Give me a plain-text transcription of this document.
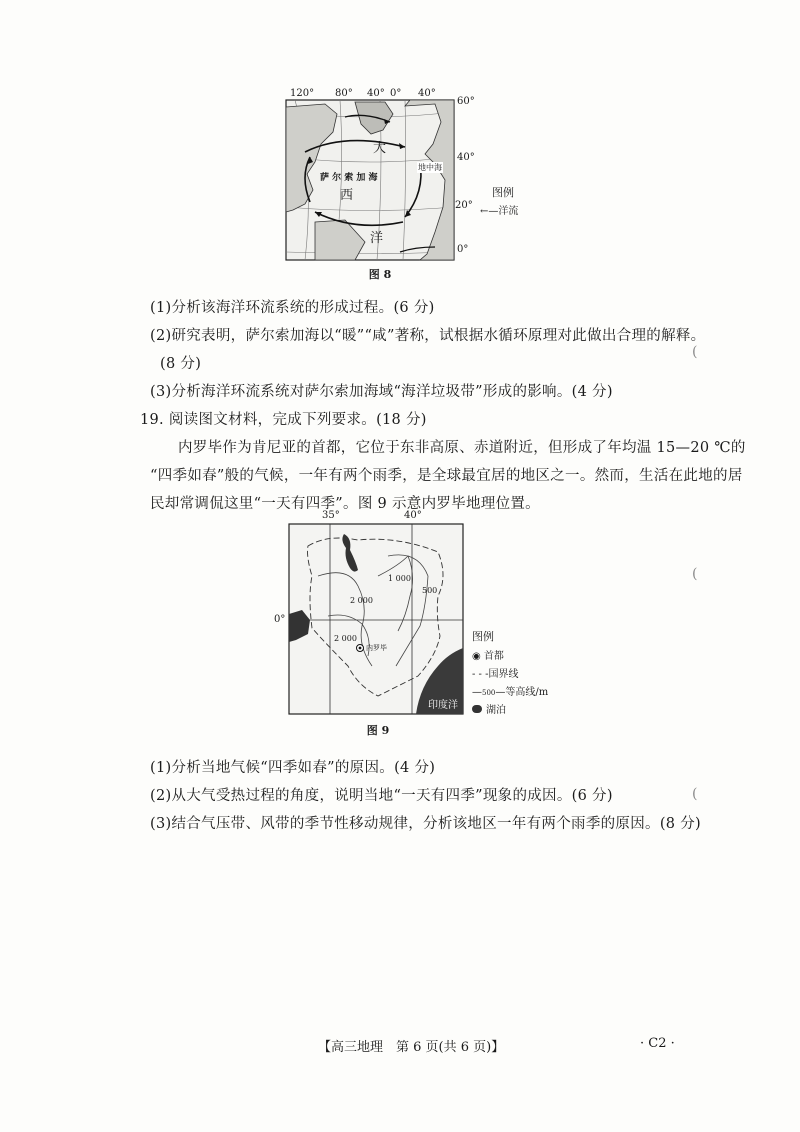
120° 80° 40° 0° 40°
60°
40°
20°
0°
大
西
洋
萨 尔 索 加 海
地中海
图例
←—洋流
图 8
(1)分析该海洋环流系统的形成过程。(6 分)
(2)研究表明，萨尔索加海以“暖”“咸”著称，试根据水循环原理对此做出合理的解释。
(8 分)
(3)分析海洋环流系统对萨尔索加海域“海洋垃圾带”形成的影响。(4 分)
19. 阅读图文材料，完成下列要求。(18 分)
内罗毕作为肯尼亚的首都，它位于东非高原、赤道附近，但形成了年均温 15—20 ℃的
“四季如春”般的气候，一年有两个雨季，是全球最宜居的地区之一。然而，生活在此地的居
民却常调侃这里“一天有四季”。图 9 示意内罗毕地理位置。
35°	40°
0°
1 000
500
2 000
2 000
内罗毕
印度洋
图例
◉ 首都
- - -国界线
—500—等高线/m
湖泊
图 9
(1)分析当地气候“四季如春”的原因。(4 分)
(2)从大气受热过程的角度，说明当地“一天有四季”现象的成因。(6 分)
(3)结合气压带、风带的季节性移动规律，分析该地区一年有两个雨季的原因。(8 分)
(
(
(
【高三地理　第 6 页(共 6 页)】	· C2 ·
